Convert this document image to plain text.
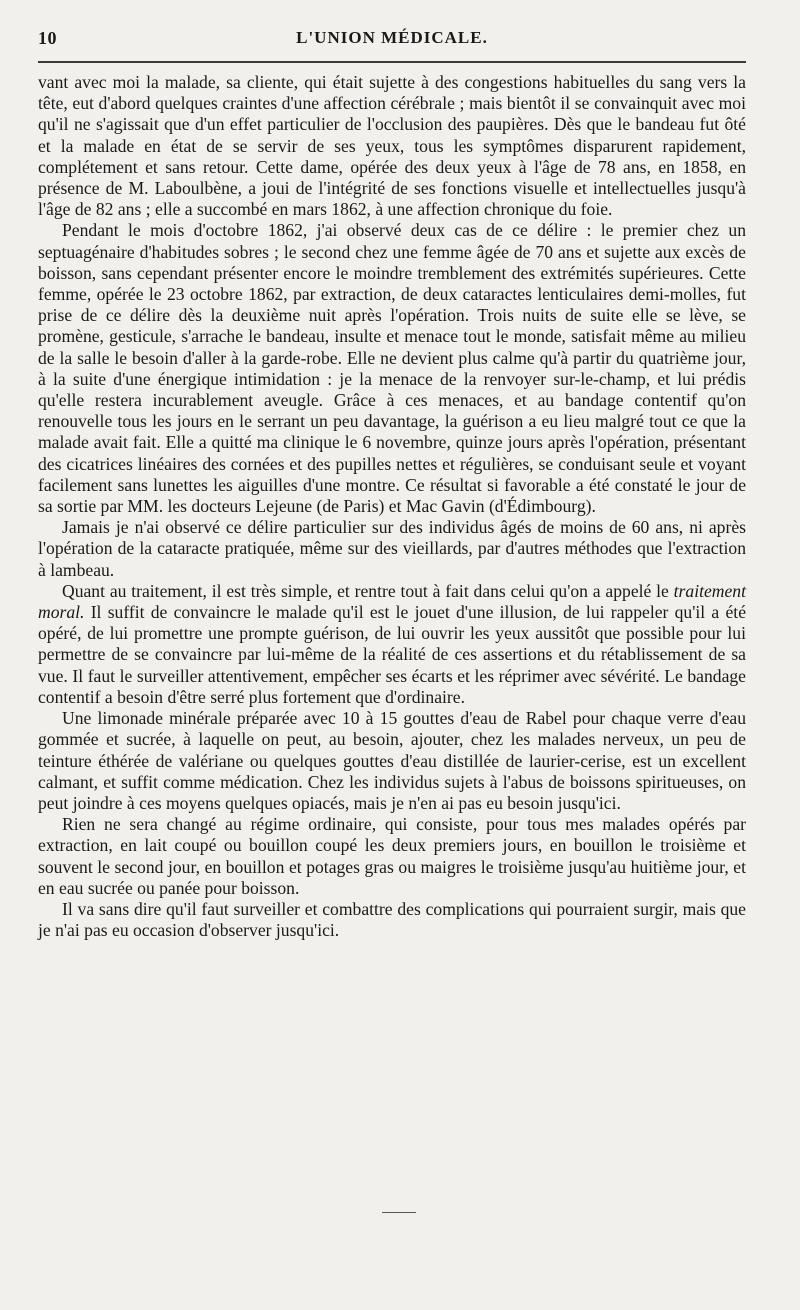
10	L'UNION MÉDICALE.

vant avec moi la malade, sa cliente, qui était sujette à des congestions habituelles du sang vers la tête, eut d'abord quelques craintes d'une affection cérébrale ; mais bientôt il se convainquit avec moi qu'il ne s'agissait que d'un effet particulier de l'occlusion des paupières. Dès que le bandeau fut ôté et la malade en état de se servir de ses yeux, tous les symptômes disparurent rapidement, complétement et sans retour. Cette dame, opérée des deux yeux à l'âge de 78 ans, en 1858, en présence de M. Laboulbène, a joui de l'intégrité de ses fonctions visuelle et intellectuelles jusqu'à l'âge de 82 ans ; elle a succombé en mars 1862, à une affection chronique du foie.

Pendant le mois d'octobre 1862, j'ai observé deux cas de ce délire : le premier chez un septuagénaire d'habitudes sobres ; le second chez une femme âgée de 70 ans et sujette aux excès de boisson, sans cependant présenter encore le moindre tremblement des extrémités supérieures. Cette femme, opérée le 23 octobre 1862, par extraction, de deux cataractes lenticulaires demi-molles, fut prise de ce délire dès la deuxième nuit après l'opération. Trois nuits de suite elle se lève, se promène, gesticule, s'arrache le bandeau, insulte et menace tout le monde, satisfait même au milieu de la salle le besoin d'aller à la garde-robe. Elle ne devient plus calme qu'à partir du quatrième jour, à la suite d'une énergique intimidation : je la menace de la renvoyer sur-le-champ, et lui prédis qu'elle restera incurablement aveugle. Grâce à ces menaces, et au bandage contentif qu'on renouvelle tous les jours en le serrant un peu davantage, la guérison a eu lieu malgré tout ce que la malade avait fait. Elle a quitté ma clinique le 6 novembre, quinze jours après l'opération, présentant des cicatrices linéaires des cornées et des pupilles nettes et régulières, se conduisant seule et voyant facilement sans lunettes les aiguilles d'une montre. Ce résultat si favorable a été constaté le jour de sa sortie par MM. les docteurs Lejeune (de Paris) et Mac Gavin (d'Édimbourg).

Jamais je n'ai observé ce délire particulier sur des individus âgés de moins de 60 ans, ni après l'opération de la cataracte pratiquée, même sur des vieillards, par d'autres méthodes que l'extraction à lambeau.

Quant au traitement, il est très simple, et rentre tout à fait dans celui qu'on a appelé le traitement moral. Il suffit de convaincre le malade qu'il est le jouet d'une illusion, de lui rappeler qu'il a été opéré, de lui promettre une prompte guérison, de lui ouvrir les yeux aussitôt que possible pour lui permettre de se convaincre par lui-même de la réalité de ces assertions et du rétablissement de sa vue. Il faut le surveiller attentivement, empêcher ses écarts et les réprimer avec sévérité. Le bandage contentif a besoin d'être serré plus fortement que d'ordinaire.

Une limonade minérale préparée avec 10 à 15 gouttes d'eau de Rabel pour chaque verre d'eau gommée et sucrée, à laquelle on peut, au besoin, ajouter, chez les malades nerveux, un peu de teinture éthérée de valériane ou quelques gouttes d'eau distillée de laurier-cerise, est un excellent calmant, et suffit comme médication. Chez les individus sujets à l'abus de boissons spiritueuses, on peut joindre à ces moyens quelques opiacés, mais je n'en ai pas eu besoin jusqu'ici.

Rien ne sera changé au régime ordinaire, qui consiste, pour tous mes malades opérés par extraction, en lait coupé ou bouillon coupé les deux premiers jours, en bouillon le troisième et souvent le second jour, en bouillon et potages gras ou maigres le troisième jusqu'au huitième jour, et en eau sucrée ou panée pour boisson.

Il va sans dire qu'il faut surveiller et combattre des complications qui pourraient surgir, mais que je n'ai pas eu occasion d'observer jusqu'ici.
